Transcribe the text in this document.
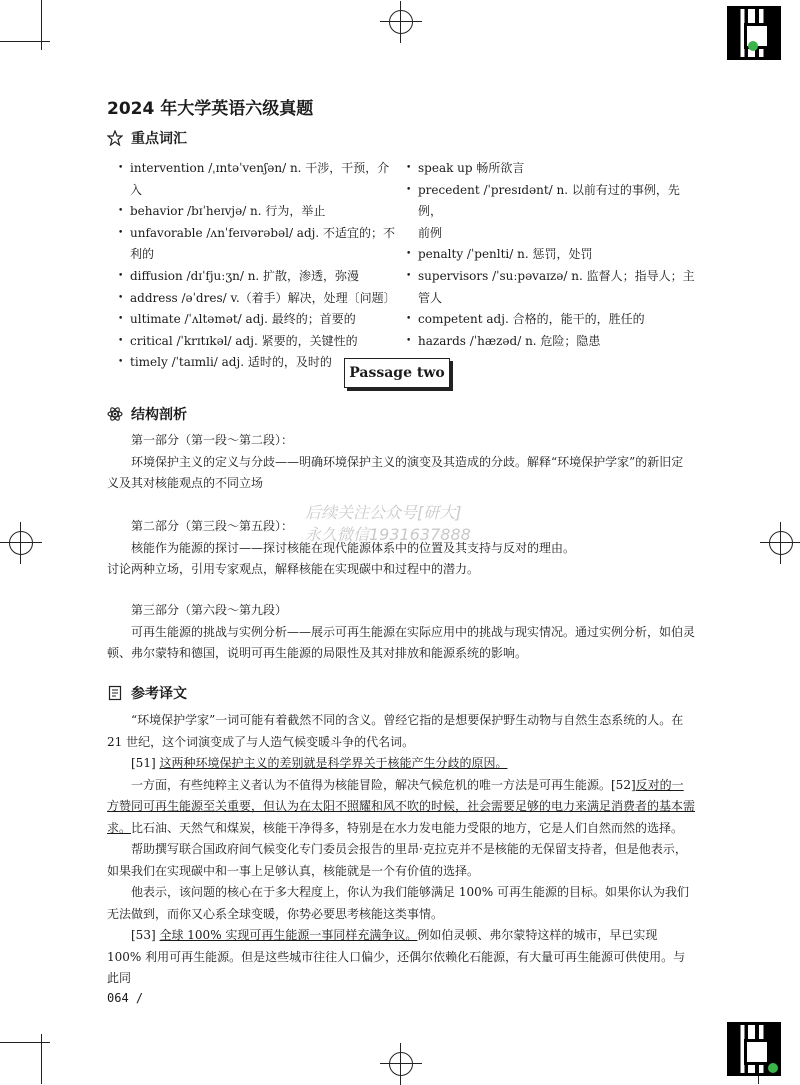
2024 年大学英语六级真题
重点词汇
• intervention /ˌɪntəˈvenʃən/ n. 干涉，干预，介入
• behavior /bɪˈheɪvjə/ n. 行为，举止
• unfavorable /ʌnˈfeɪvərəbəl/ adj. 不适宜的；不利的
• diffusion /dɪˈfjuːʒn/ n. 扩散，渗透，弥漫
• address /əˈdres/ v.（着手）解决，处理〔问题〕
• ultimate /ˈʌltəmət/ adj. 最终的；首要的
• critical /ˈkrɪtɪkəl/ adj. 紧要的，关键性的
• timely /ˈtaɪmli/ adj. 适时的，及时的
• speak up 畅所欲言
• precedent /ˈpresɪdənt/ n. 以前有过的事例，先例，
前例
• penalty /ˈpenlti/ n. 惩罚，处罚
• supervisors /ˈsuːpəvaɪzə/ n. 监督人；指导人；主
管人
• competent adj. 合格的，能干的，胜任的
• hazards /ˈhæzəd/ n. 危险；隐患
Passage two
结构剖析
第一部分（第一段～第二段）：
环境保护主义的定义与分歧——明确环境保护主义的演变及其造成的分歧。解释“环境保护学家”的新旧定义及其对核能观点的不同立场
后续关注公众号[研大]
永久微信1931637888
第二部分（第三段～第五段）：
核能作为能源的探讨——探讨核能在现代能源体系中的位置及其支持与反对的理由。
讨论两种立场，引用专家观点，解释核能在实现碳中和过程中的潜力。
第三部分（第六段～第九段）
可再生能源的挑战与实例分析——展示可再生能源在实际应用中的挑战与现实情况。通过实例分析，如伯灵顿、弗尔蒙特和德国，说明可再生能源的局限性及其对排放和能源系统的影响。
参考译文
“环境保护学家”一词可能有着截然不同的含义。曾经它指的是想要保护野生动物与自然生态系统的人。在 21 世纪，这个词演变成了与人造气候变暖斗争的代名词。
[51] 这两种环境保护主义的差别就是科学界关于核能产生分歧的原因。
一方面，有些纯粹主义者认为不值得为核能冒险，解决气候危机的唯一方法是可再生能源。[52]反对的一方赞同可再生能源至关重要，但认为在太阳不照耀和风不吹的时候，社会需要足够的电力来满足消费者的基本需求。比石油、天然气和煤炭，核能干净得多，特别是在水力发电能力受限的地方，它是人们自然而然的选择。
帮助撰写联合国政府间气候变化专门委员会报告的里昂·克拉克并不是核能的无保留支持者，但是他表示，如果我们在实现碳中和一事上足够认真，核能就是一个有价值的选择。
他表示，该问题的核心在于多大程度上，你认为我们能够满足 100% 可再生能源的目标。如果你认为我们无法做到，而你又心系全球变暖，你势必要思考核能这类事情。
[53] 全球 100% 实现可再生能源一事同样充满争议。例如伯灵顿、弗尔蒙特这样的城市，早已实现 100% 利用可再生能源。但是这些城市往往人口偏少，还偶尔依赖化石能源，有大量可再生能源可供使用。与此同
064 /
